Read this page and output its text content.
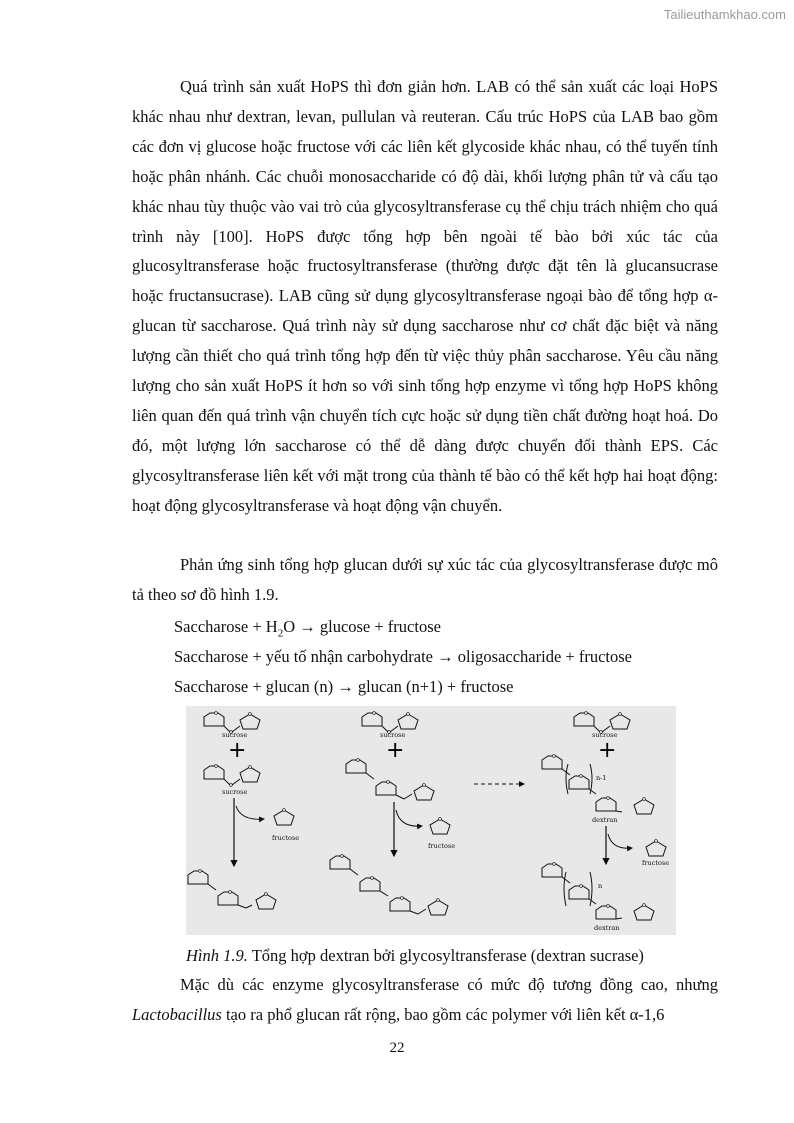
Tailieuthamkhao.com

Quá trình sản xuất HoPS thì đơn giản hơn. LAB có thể sản xuất các loại HoPS khác nhau như dextran, levan, pullulan và reuteran. Cấu trúc HoPS của LAB bao gồm các đơn vị glucose hoặc fructose với các liên kết glycoside khác nhau, có thể tuyến tính hoặc phân nhánh. Các chuỗi monosaccharide có độ dài, khối lượng phân tử và cấu tạo khác nhau tùy thuộc vào vai trò của glycosyltransferase cụ thể chịu trách nhiệm cho quá trình này [100]. HoPS được tổng hợp bên ngoài tế bào bởi xúc tác của glucosyltransferase hoặc fructosyltransferase (thường được đặt tên là glucansucrase hoặc fructansucrase). LAB cũng sử dụng glycosyltransferase ngoại bào để tổng hợp α-glucan từ saccharose. Quá trình này sử dụng saccharose như cơ chất đặc biệt và năng lượng cần thiết cho quá trình tổng hợp đến từ việc thủy phân saccharose. Yêu cầu năng lượng cho sản xuất HoPS ít hơn so với sinh tổng hợp enzyme vì tổng hợp HoPS không liên quan đến quá trình vận chuyển tích cực hoặc sử dụng tiền chất đường hoạt hoá. Do đó, một lượng lớn saccharose có thể dễ dàng được chuyển đổi thành EPS. Các glycosyltransferase liên kết với mặt trong của thành tế bào có thể kết hợp hai hoạt động: hoạt động glycosyltransferase và hoạt động vận chuyển.

Phản ứng sinh tổng hợp glucan dưới sự xúc tác của glycosyltransferase được mô tả theo sơ đồ hình 1.9.

Saccharose + $H_2O \to glucose$ + fructose

Saccharose + yếu tố nhận carbohydrate → oligosaccharide + fructose

Saccharose + glucan (n) → glucan (n+1) + fructose

sucrose
+
sucrose
fructose
sucrose
+
fructose
sucrose
+
n-1
dextran
fructose
n
dextran
Hình 1.9. Tổng hợp dextran bởi glycosyltransferase (dextran sucrase)

Mặc dù các enzyme glycosyltransferase có mức độ tương đồng cao, nhưng Lactobacillus tạo ra phổ glucan rất rộng, bao gồm các polymer với liên kết α-1,6

22
